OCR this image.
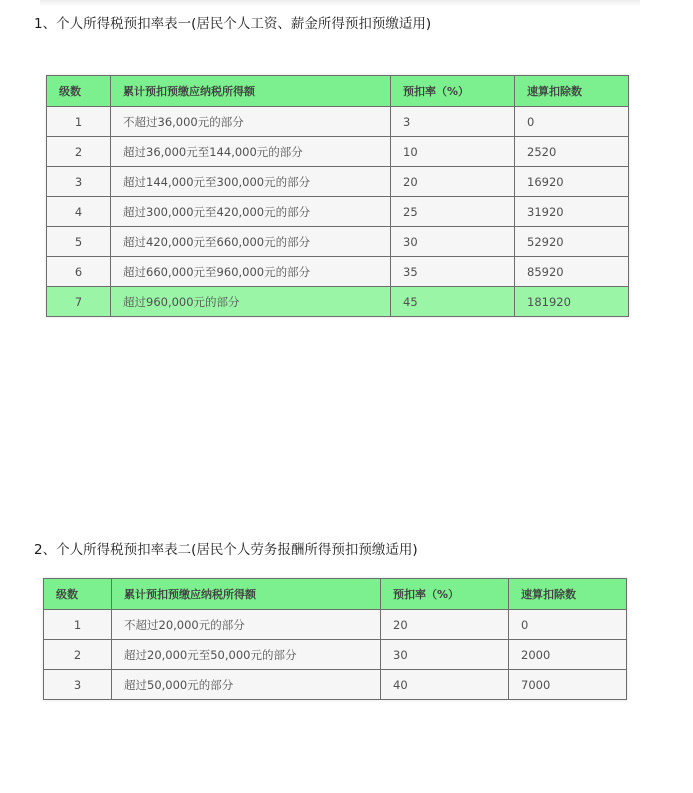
1、个人所得税预扣率表一(居民个人工资、薪金所得预扣预缴适用)
级数	累计预扣预缴应纳税所得额	预扣率（%）	速算扣除数
1	不超过36,000元的部分	3	0
2	超过36,000元至144,000元的部分	10	2520
3	超过144,000元至300,000元的部分	20	16920
4	超过300,000元至420,000元的部分	25	31920
5	超过420,000元至660,000元的部分	30	52920
6	超过660,000元至960,000元的部分	35	85920
7	超过960,000元的部分	45	181920
2、个人所得税预扣率表二(居民个人劳务报酬所得预扣预缴适用)
级数	累计预扣预缴应纳税所得额	预扣率（%）	速算扣除数
1	不超过20,000元的部分	20	0
2	超过20,000元至50,000元的部分	30	2000
3	超过50,000元的部分	40	7000
